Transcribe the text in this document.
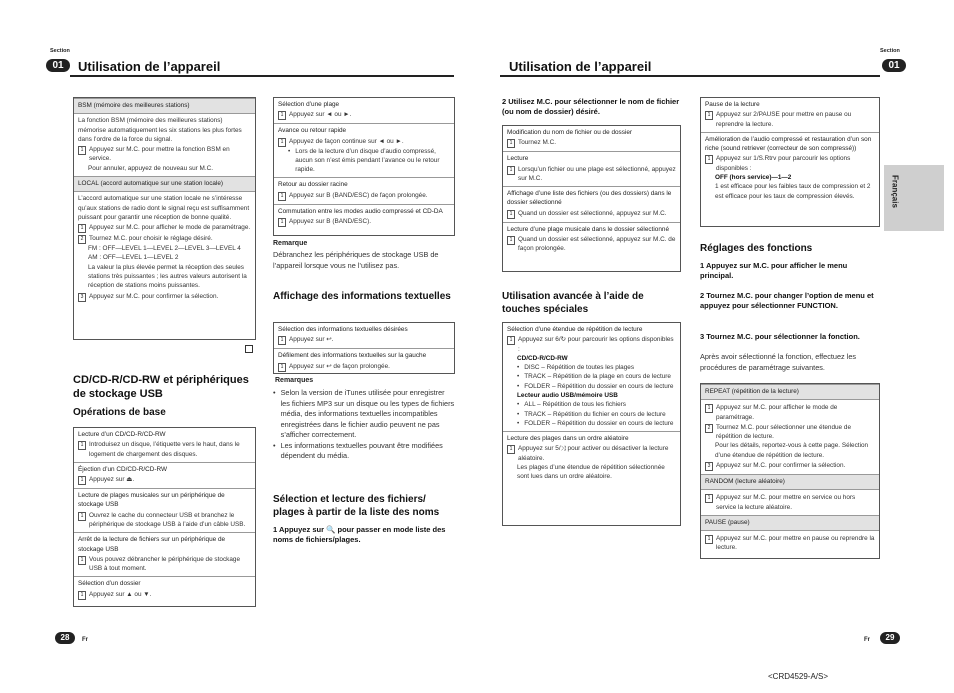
Section
01	Utilisation de l’appareil
Section
01
Utilisation de l’appareil
BSM (mémoire des meilleures stations)
La fonction BSM (mémoire des meilleures stations) mémorise automatiquement les six stations les plus fortes dans l’ordre de la force du signal.
1 Appuyez sur M.C. pour mettre la fonction BSM en service.
Pour annuler, appuyez de nouveau sur M.C.
LOCAL (accord automatique sur une station locale)
L’accord automatique sur une station locale ne s’intéresse qu’aux stations de radio dont le signal reçu est suffisamment puissant pour garantir une réception de bonne qualité.
1 Appuyez sur M.C. pour afficher le mode de paramétrage.
2 Tournez M.C. pour choisir le réglage désiré.
FM : OFF—LEVEL 1—LEVEL 2—LEVEL 3—LEVEL 4
AM : OFF—LEVEL 1—LEVEL 2
La valeur la plus élevée permet la réception des seules stations très puissantes ; les autres valeurs autorisent la réception de stations moins puissantes.
3 Appuyez sur M.C. pour confirmer la sélection.
CD/CD-R/CD-RW et périphériques de stockage USB
Opérations de base
Lecture d’un CD/CD-R/CD-RW
1 Introduisez un disque, l’étiquette vers le haut, dans le logement de chargement des disques.
Éjection d’un CD/CD-R/CD-RW
1 Appuyez sur ⏏.
Lecture de plages musicales sur un périphérique de stockage USB
1 Ouvrez le cache du connecteur USB et branchez le périphérique de stockage USB à l’aide d’un câble USB.
Arrêt de la lecture de fichiers sur un périphérique de stockage USB
1 Vous pouvez débrancher le périphérique de stockage USB à tout moment.
Sélection d’un dossier
1 Appuyez sur ▲ ou ▼.
Sélection d’une plage
1 Appuyez sur ◄ ou ►.
Avance ou retour rapide
1 Appuyez de façon continue sur ◄ ou ►.
• Lors de la lecture d’un disque d’audio compressé, aucun son n’est émis pendant l’avance ou le retour rapide.
Retour au dossier racine
1 Appuyez sur B (BAND/ESC) de façon prolongée.
Commutation entre les modes audio compressé et CD-DA
1 Appuyez sur B (BAND/ESC).
Remarque
Débranchez les périphériques de stockage USB de l’appareil lorsque vous ne l’utilisez pas.
Affichage des informations textuelles
Sélection des informations textuelles désirées
1 Appuyez sur ↩.
Défilement des informations textuelles sur la gauche
1 Appuyez sur ↩ de façon prolongée.
Remarques
• Selon la version de iTunes utilisée pour enregistrer les fichiers MP3 sur un disque ou les types de fichiers média, des informations textuelles incompatibles enregistrées dans le fichier audio peuvent ne pas s’afficher correctement.
• Les informations textuelles pouvant être modifiées dépendent du média.
Sélection et lecture des fichiers/ plages à partir de la liste des noms
1 Appuyez sur 🔍 pour passer en mode liste des noms de fichiers/plages.
2 Utilisez M.C. pour sélectionner le nom de fichier (ou nom de dossier) désiré.
Modification du nom de fichier ou de dossier
1 Tournez M.C.
Lecture
1 Lorsqu’un fichier ou une plage est sélectionné, appuyez sur M.C.
Affichage d’une liste des fichiers (ou des dossiers) dans le dossier sélectionné
1 Quand un dossier est sélectionné, appuyez sur M.C.
Lecture d’une plage musicale dans le dossier sélectionné
1 Quand un dossier est sélectionné, appuyez sur M.C. de façon prolongée.
Utilisation avancée à l’aide de touches spéciales
Sélection d’une étendue de répétition de lecture
1 Appuyez sur 6/↻ pour parcourir les options disponibles :
CD/CD-R/CD-RW
• DISC – Répétition de toutes les plages
• TRACK – Répétition de la plage en cours de lecture
• FOLDER – Répétition du dossier en cours de lecture
Lecteur audio USB/mémoire USB
• ALL – Répétition de tous les fichiers
• TRACK – Répétition du fichier en cours de lecture
• FOLDER – Répétition du dossier en cours de lecture
Lecture des plages dans un ordre aléatoire
1 Appuyez sur 5/⤨ pour activer ou désactiver la lecture aléatoire.
Les plages d’une étendue de répétition sélectionnée sont lues dans un ordre aléatoire.
Pause de la lecture
1 Appuyez sur 2/PAUSE pour mettre en pause ou reprendre la lecture.
Amélioration de l’audio compressé et restauration d’un son riche (sound retriever (correcteur de son compressé))
1 Appuyez sur 1/S.Rtrv pour parcourir les options disponibles :
OFF (hors service)—1—2
1 est efficace pour les faibles taux de compression et 2 est efficace pour les taux de compression élevés.	Français
Réglages des fonctions
1 Appuyez sur M.C. pour afficher le menu principal.
2 Tournez M.C. pour changer l’option de menu et appuyez pour sélectionner FUNCTION.
3 Tournez M.C. pour sélectionner la fonction.
Après avoir sélectionné la fonction, effectuez les procédures de paramétrage suivantes.
REPEAT (répétition de la lecture)
1 Appuyez sur M.C. pour afficher le mode de paramétrage.
2 Tournez M.C. pour sélectionner une étendue de répétition de lecture.
Pour les détails, reportez-vous à cette page. Sélection d’une étendue de répétition de lecture.
3 Appuyez sur M.C. pour confirmer la sélection.
RANDOM (lecture aléatoire)
1 Appuyez sur M.C. pour mettre en service ou hors service la lecture aléatoire.
PAUSE (pause)
1 Appuyez sur M.C. pour mettre en pause ou reprendre la lecture.
28	Fr	Fr	29
<CRD4529-A/S>
